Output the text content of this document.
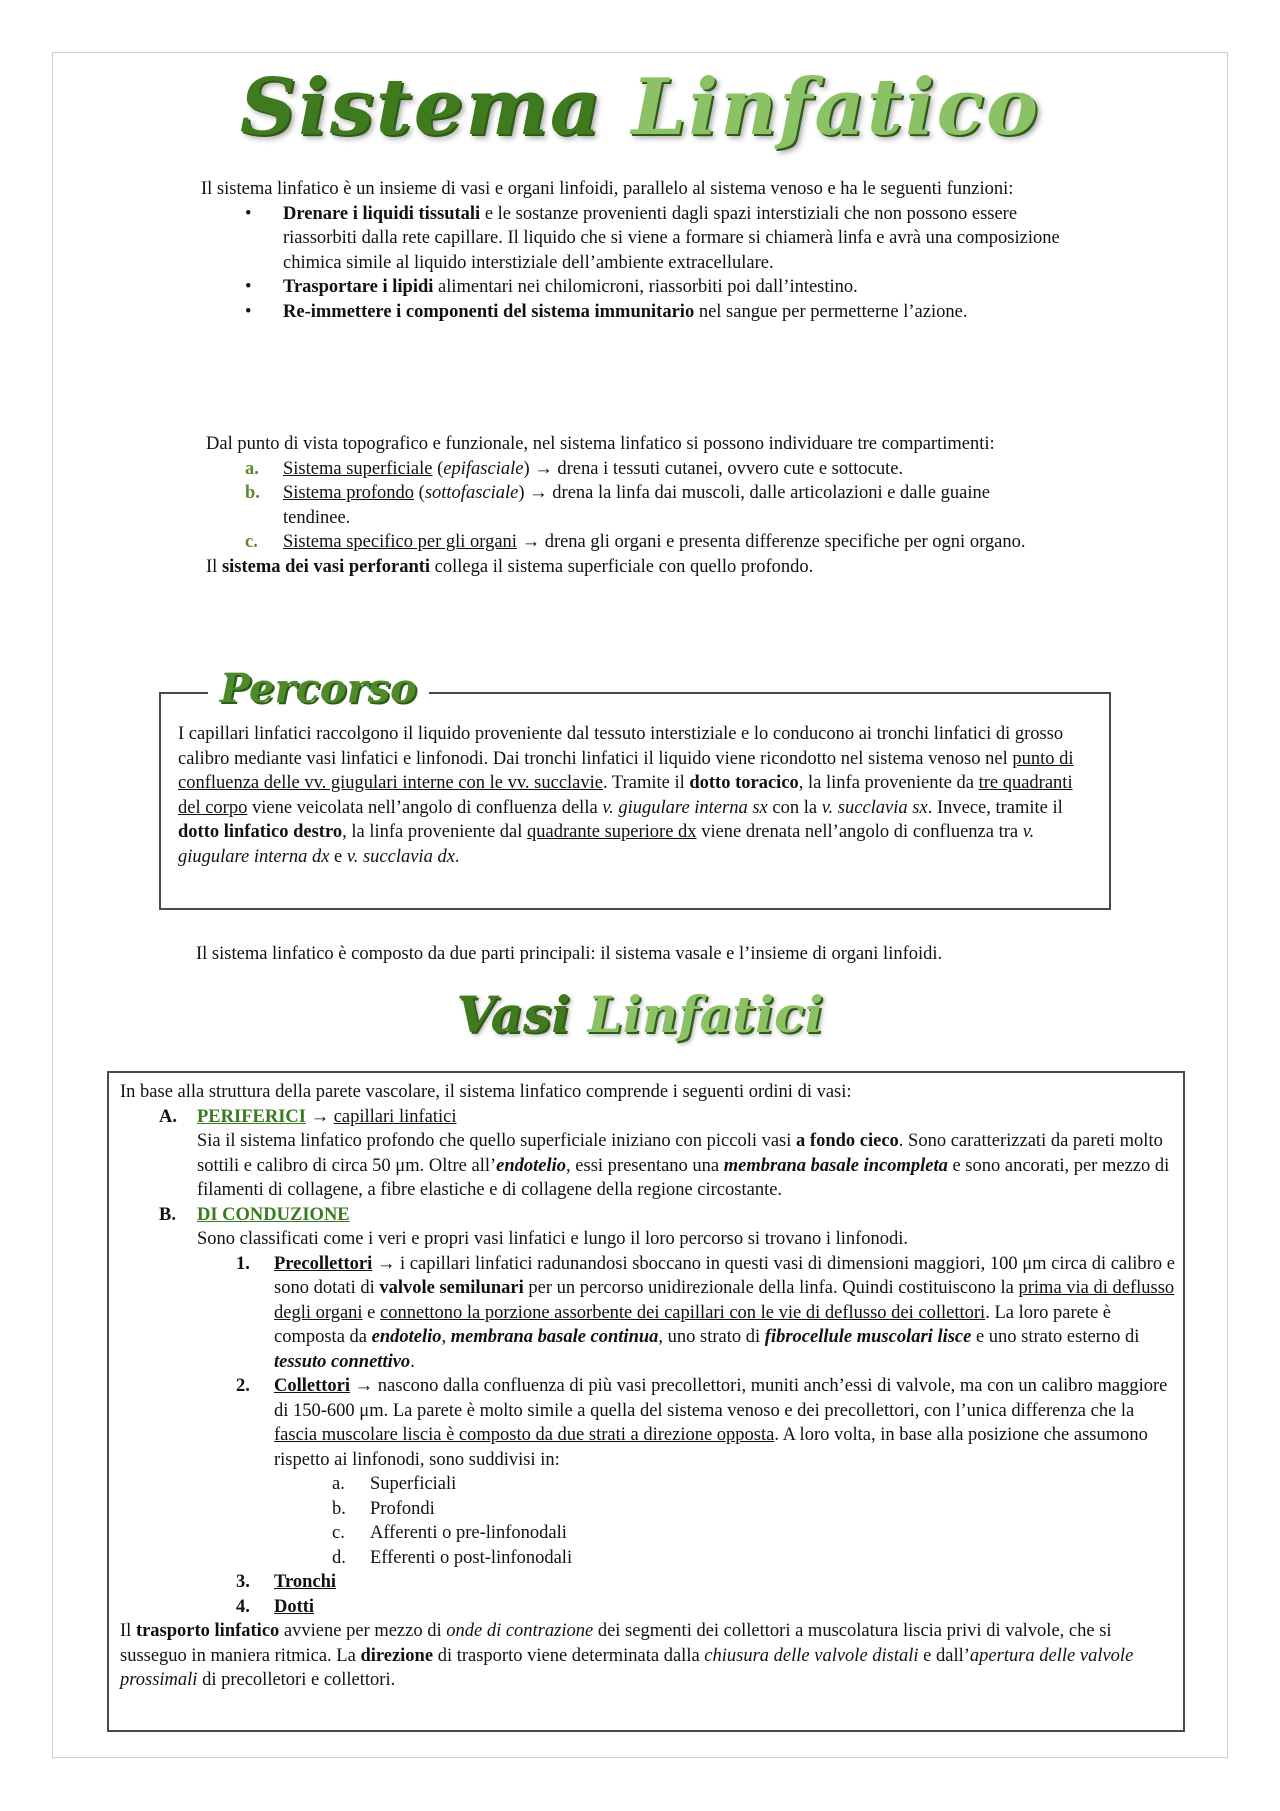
Sistema Linfatico

Il sistema linfatico è un insieme di vasi e organi linfoidi, parallelo al sistema venoso e ha le seguenti funzioni:

• Drenare i liquidi tissutali e le sostanze provenienti dagli spazi interstiziali che non possono essere riassorbiti dalla rete capillare. Il liquido che si viene a formare si chiamerà linfa e avrà una composizione chimica simile al liquido interstiziale dell’ambiente extracellulare.
• Trasportare i lipidi alimentari nei chilomicroni, riassorbiti poi dall’intestino.
• Re-immettere i componenti del sistema immunitario nel sangue per permetterne l’azione.

Dal punto di vista topografico e funzionale, nel sistema linfatico si possono individuare tre compartimenti:

a. Sistema superficiale (epifasciale) → drena i tessuti cutanei, ovvero cute e sottocute.
b. Sistema profondo (sottofasciale) → drena la linfa dai muscoli, dalle articolazioni e dalle guaine tendinee.
c. Sistema specifico per gli organi → drena gli organi e presenta differenze specifiche per ogni organo.

Il sistema dei vasi perforanti collega il sistema superficiale con quello profondo.

Percorso
I capillari linfatici raccolgono il liquido proveniente dal tessuto interstiziale e lo conducono ai tronchi linfatici di grosso calibro mediante vasi linfatici e linfonodi. Dai tronchi linfatici il liquido viene ricondotto nel sistema venoso nel punto di confluenza delle vv. giugulari interne con le vv. succlavie. Tramite il dotto toracico, la linfa proveniente da tre quadranti del corpo viene veicolata nell’angolo di confluenza della v. giugulare interna sx con la v. succlavia sx. Invece, tramite il dotto linfatico destro, la linfa proveniente dal quadrante superiore dx viene drenata nell’angolo di confluenza tra v. giugulare interna dx e v. succlavia dx.
Il sistema linfatico è composto da due parti principali: il sistema vasale e l’insieme di organi linfoidi.
Vasi Linfatici

In base alla struttura della parete vascolare, il sistema linfatico comprende i seguenti ordini di vasi:

A. PERIFERICI → capillari linfatici

Sia il sistema linfatico profondo che quello superficiale iniziano con piccoli vasi a fondo cieco. Sono caratterizzati da pareti molto sottili e calibro di circa 50 μm. Oltre all’endotelio, essi presentano una membrana basale incompleta e sono ancorati, per mezzo di filamenti di collagene, a fibre elastiche e di collagene della regione circostante.

B. DI CONDUZIONE

Sono classificati come i veri e propri vasi linfatici e lungo il loro percorso si trovano i linfonodi.

1. Precollettori → i capillari linfatici radunandosi sboccano in questi vasi di dimensioni maggiori, 100 μm circa di calibro e sono dotati di valvole semilunari per un percorso unidirezionale della linfa. Quindi costituiscono la prima via di deflusso degli organi e connettono la porzione assorbente dei capillari con le vie di deflusso dei collettori. La loro parete è composta da endotelio, membrana basale continua, uno strato di fibrocellule muscolari lisce e uno strato esterno di tessuto connettivo.
2. Collettori → nascono dalla confluenza di più vasi precollettori, muniti anch’essi di valvole, ma con un calibro maggiore di 150-600 μm. La parete è molto simile a quella del sistema venoso e dei precollettori, con l’unica differenza che la fascia muscolare liscia è composto da due strati a direzione opposta. A loro volta, in base alla posizione che assumono rispetto ai linfonodi, sono suddivisi in:
a. Superficiali
b. Profondi
c. Afferenti o pre-linfonodali
d. Efferenti o post-linfonodali
3. Tronchi
4. Dotti

Il trasporto linfatico avviene per mezzo di onde di contrazione dei segmenti dei collettori a muscolatura liscia privi di valvole, che si susseguo in maniera ritmica. La direzione di trasporto viene determinata dalla chiusura delle valvole distali e dall’apertura delle valvole prossimali di precolletori e collettori.
